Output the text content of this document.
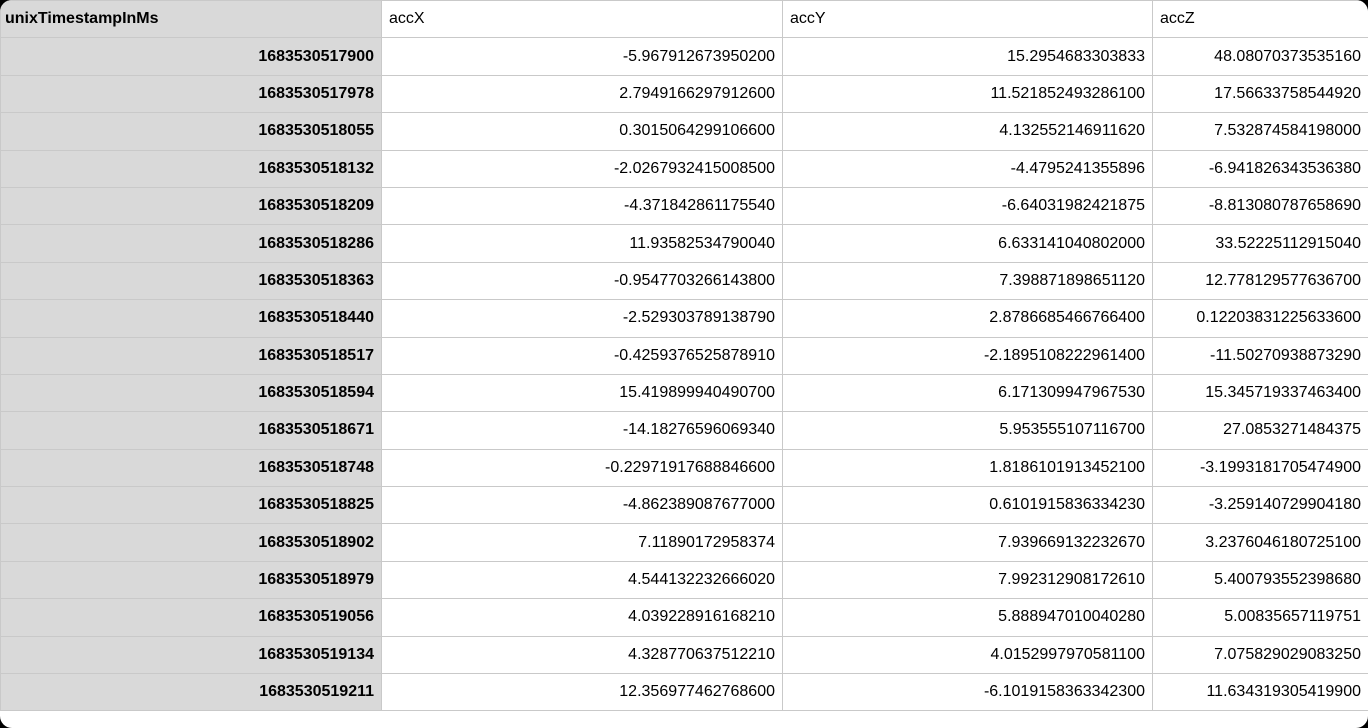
unixTimestampInMs	accX	accY	accZ
1683530517900	-5.967912673950200	15.2954683303833	48.08070373535160
1683530517978	2.7949166297912600	11.521852493286100	17.56633758544920
1683530518055	0.3015064299106600	4.132552146911620	7.532874584198000
1683530518132	-2.0267932415008500	-4.4795241355896	-6.941826343536380
1683530518209	-4.371842861175540	-6.64031982421875	-8.813080787658690
1683530518286	11.93582534790040	6.633141040802000	33.52225112915040
1683530518363	-0.9547703266143800	7.398871898651120	12.778129577636700
1683530518440	-2.529303789138790	2.8786685466766400	0.12203831225633600
1683530518517	-0.4259376525878910	-2.1895108222961400	-11.50270938873290
1683530518594	15.419899940490700	6.171309947967530	15.345719337463400
1683530518671	-14.18276596069340	5.953555107116700	27.0853271484375
1683530518748	-0.22971917688846600	1.8186101913452100	-3.1993181705474900
1683530518825	-4.862389087677000	0.6101915836334230	-3.259140729904180
1683530518902	7.11890172958374	7.939669132232670	3.2376046180725100
1683530518979	4.544132232666020	7.992312908172610	5.400793552398680
1683530519056	4.039228916168210	5.888947010040280	5.00835657119751
1683530519134	4.328770637512210	4.0152997970581100	7.075829029083250
1683530519211	12.356977462768600	-6.1019158363342300	11.634319305419900
